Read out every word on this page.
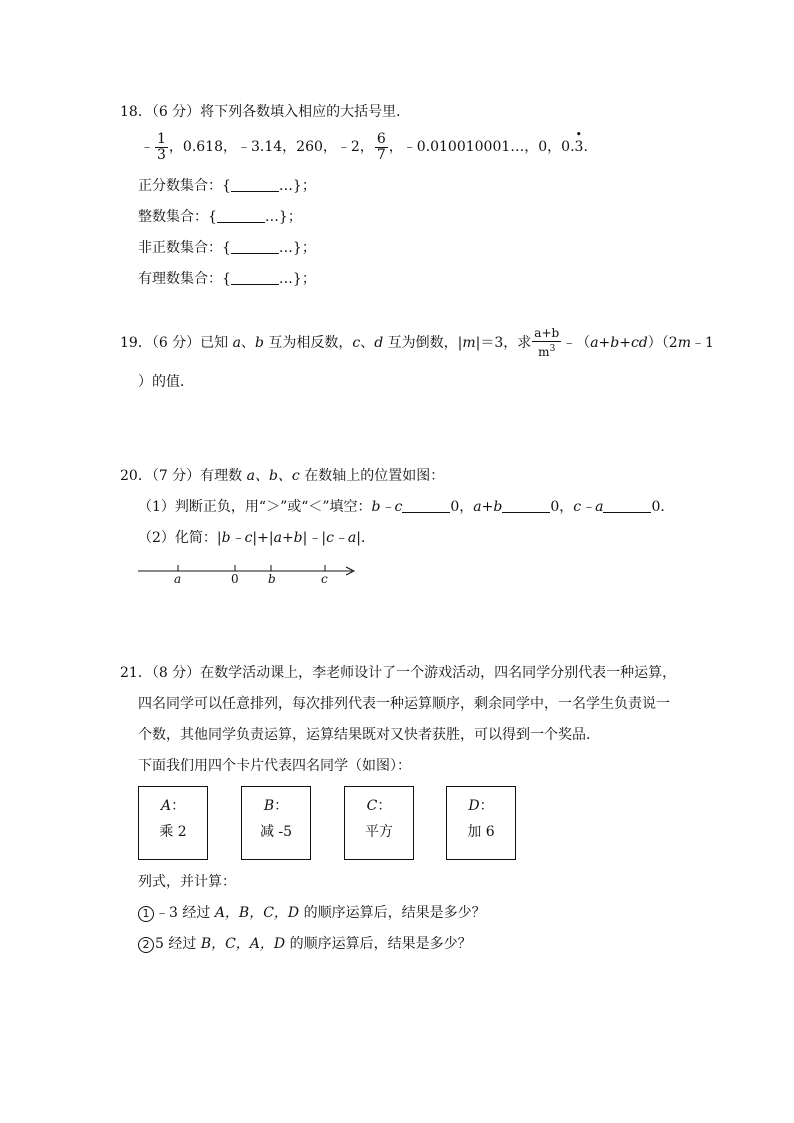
18．（6 分）将下列各数填入相应的大括号里．
﹣ $\frac{1}{3}$ ，0.618，﹣3.14，260，﹣2， $\frac{6}{7}$ ，﹣0.010010001…，0，0.• 3.
正分数集合：{	…}；
整数集合：{	…}；
非正数集合：{	…}；
有理数集合：{	…}；
19．（6 分）已知 a、b 互为相反数，c、d 互为倒数，|m|＝3，求 $\frac{a+b}{m^3}$ ﹣（a+b+cd）（2m﹣1
）的值．
20．（7 分）有理数 a、b、c 在数轴上的位置如图：
（1）判断正负，用“＞”或“＜”填空：b﹣c	0，a+b	0，c﹣a	0．
（2）化简：|b﹣c|+|a+b|﹣|c﹣a|．
a	0 b	c
21．（8 分）在数学活动课上，李老师设计了一个游戏活动，四名同学分别代表一种运算，
四名同学可以任意排列，每次排列代表一种运算顺序，剩余同学中，一名学生负责说一
个数，其他同学负责运算，运算结果既对又快者获胜，可以得到一个奖品．
下面我们用四个卡片代表四名同学（如图）：
A：
乘 2
B：
减 -5
C：
平方
D：
加 6
列式，并计算：
1 ﹣3 经过 A，B，C，D 的顺序运算后，结果是多少？
2 5 经过 B，C，A，D 的顺序运算后，结果是多少？
